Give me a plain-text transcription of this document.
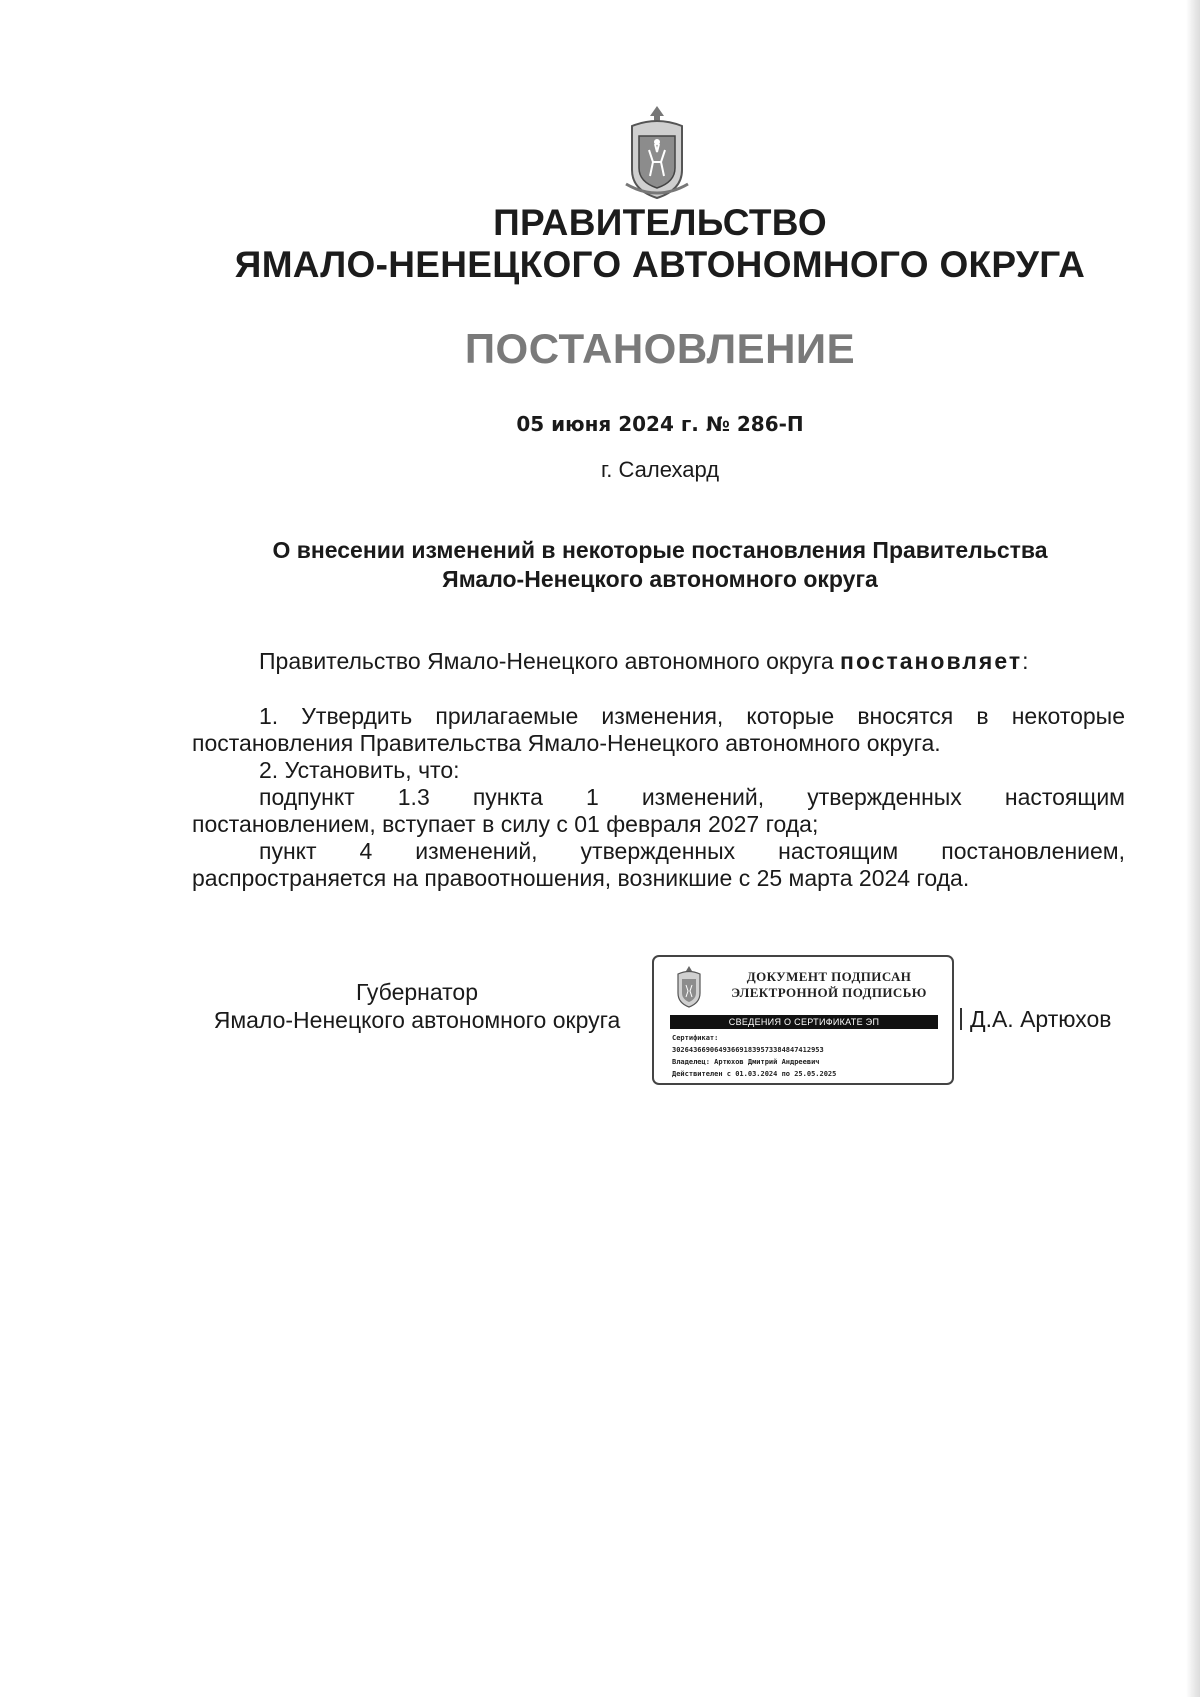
ПРАВИТЕЛЬСТВО
ЯМАЛО-НЕНЕЦКОГО АВТОНОМНОГО ОКРУГА
ПОСТАНОВЛЕНИЕ
05 июня 2024 г. № 286-П
г. Салехард
О внесении изменений в некоторые постановления Правительства
Ямало-Ненецкого автономного округа

Правительство Ямало-Ненецкого автономного округа постановляет:

1. Утвердить прилагаемые изменения, которые вносятся в некоторые постановления Правительства Ямало-Ненецкого автономного округа.

2. Установить, что:

подпункт 1.3 пункта 1 изменений, утвержденных настоящим

постановлением, вступает в силу с 01 февраля 2027 года;

пункт 4 изменений, утвержденных настоящим постановлением,

распространяется на правоотношения, возникшие с 25 марта 2024 года.

Губернатор
Ямало-Ненецкого автономного округа
ДОКУМЕНТ ПОДПИСАН
ЭЛЕКТРОННОЙ ПОДПИСЬЮ
СВЕДЕНИЯ О СЕРТИФИКАТЕ ЭП
Сертификат:
302643669064936691839573384847412953
Владелец: Артюхов Дмитрий Андреевич
Действителен с 01.03.2024 по 25.05.2025
Д.А. Артюхов
